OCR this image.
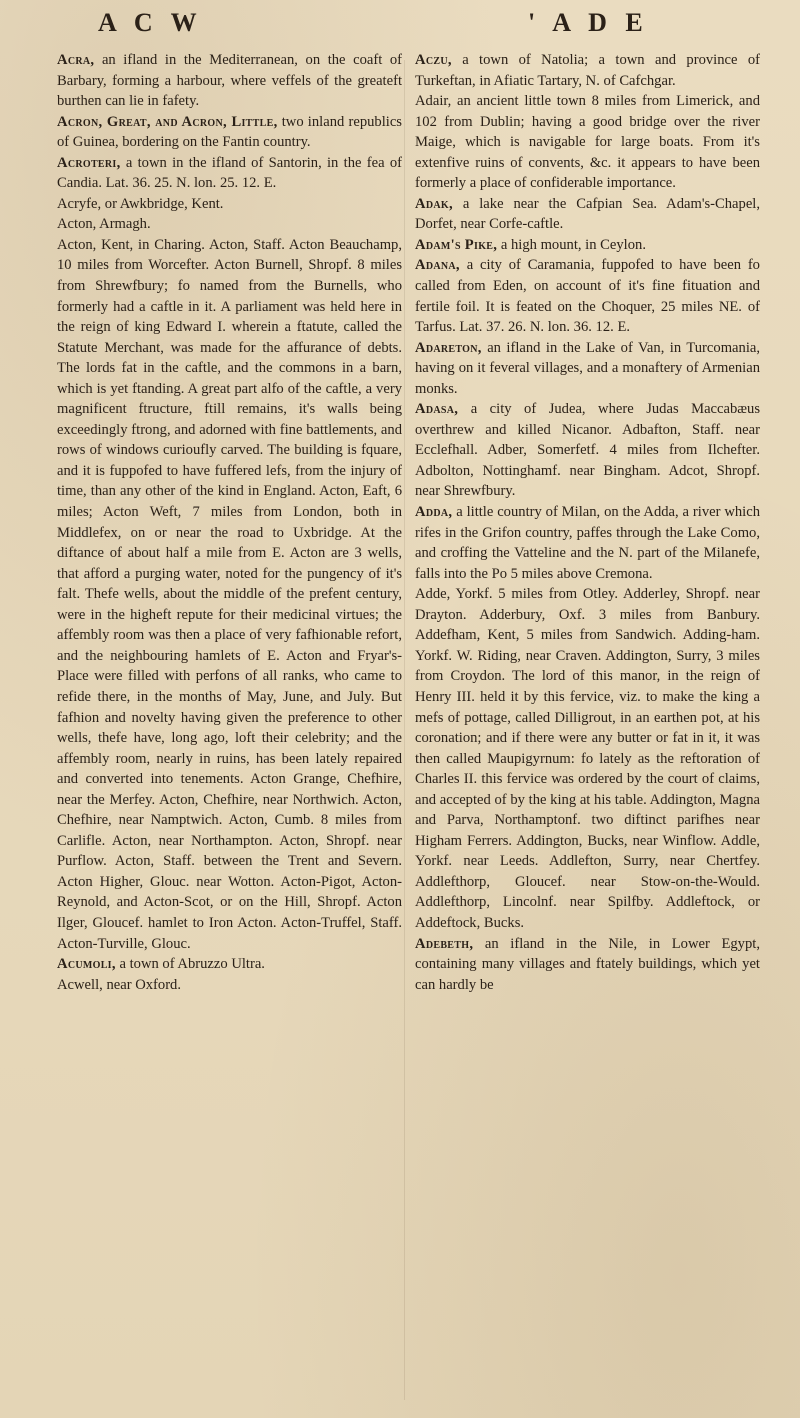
A C W	' A D E

Acra, an ifland in the Mediterranean, on the coaft of Barbary, forming a harbour, where veffels of the greateft burthen can lie in fafety.

Acron, Great, and Acron, Little, two inland republics of Guinea, bordering on the Fantin country.

Acroteri, a town in the ifland of Santorin, in the fea of Candia. Lat. 36. 25. N. lon. 25. 12. E.

Acryfe, or Awkbridge, Kent.

Acton, Armagh.

Acton, Kent, in Charing. Acton, Staff. Acton Beauchamp, 10 miles from Worcefter. Acton Burnell, Shropf. 8 miles from Shrewfbury; fo named from the Burnells, who formerly had a caftle in it. A parliament was held here in the reign of king Edward I. wherein a ftatute, called the Statute Merchant, was made for the affurance of debts. The lords fat in the caftle, and the commons in a barn, which is yet ftanding. A great part alfo of the caftle, a very magnificent ftructure, ftill remains, it's walls being exceedingly ftrong, and adorned with fine battlements, and rows of windows curioufly carved. The building is fquare, and it is fuppofed to have fuffered lefs, from the injury of time, than any other of the kind in England. Acton, Eaft, 6 miles; Acton Weft, 7 miles from London, both in Middlefex, on or near the road to Uxbridge. At the diftance of about half a mile from E. Acton are 3 wells, that afford a purging water, noted for the pungency of it's falt. Thefe wells, about the middle of the prefent century, were in the higheft repute for their medicinal virtues; the affembly room was then a place of very fafhionable refort, and the neighbouring hamlets of E. Acton and Fryar's-Place were filled with perfons of all ranks, who came to refide there, in the months of May, June, and July. But fafhion and novelty having given the preference to other wells, thefe have, long ago, loft their celebrity; and the affembly room, nearly in ruins, has been lately repaired and converted into tenements. Acton Grange, Chefhire, near the Merfey. Acton, Chefhire, near Northwich. Acton, Chefhire, near Namptwich. Acton, Cumb. 8 miles from Carlifle. Acton, near Northampton. Acton, Shropf. near Purflow. Acton, Staff. between the Trent and Severn. Acton Higher, Glouc. near Wotton. Acton-Pigot, Acton-Reynold, and Acton-Scot, or on the Hill, Shropf. Acton Ilger, Gloucef. hamlet to Iron Acton. Acton-Truffel, Staff. Acton-Turville, Glouc.

Acumoli, a town of Abruzzo Ultra.

Acwell, near Oxford.

Aczu, a town of Natolia; a town and province of Turkeftan, in Afiatic Tartary, N. of Cafchgar.

Adair, an ancient little town 8 miles from Limerick, and 102 from Dublin; having a good bridge over the river Maige, which is navigable for large boats. From it's extenfive ruins of convents, &c. it appears to have been formerly a place of confiderable importance.

Adak, a lake near the Cafpian Sea. Adam's-Chapel, Dorfet, near Corfe-caftle.

Adam's Pike, a high mount, in Ceylon.

Adana, a city of Caramania, fuppofed to have been fo called from Eden, on account of it's fine fituation and fertile foil. It is feated on the Choquer, 25 miles NE. of Tarfus. Lat. 37. 26. N. lon. 36. 12. E.

Adareton, an ifland in the Lake of Van, in Turcomania, having on it feveral villages, and a monaftery of Armenian monks.

Adasa, a city of Judea, where Judas Maccabæus overthrew and killed Nicanor. Adbafton, Staff. near Ecclefhall. Adber, Somerfetf. 4 miles from Ilchefter. Adbolton, Nottinghamf. near Bingham. Adcot, Shropf. near Shrewfbury.

Adda, a little country of Milan, on the Adda, a river which rifes in the Grifon country, paffes through the Lake Como, and croffing the Vatteline and the N. part of the Milanefe, falls into the Po 5 miles above Cremona.

Adde, Yorkf. 5 miles from Otley. Adderley, Shropf. near Drayton. Adderbury, Oxf. 3 miles from Banbury. Addefham, Kent, 5 miles from Sandwich. Adding-ham. Yorkf. W. Riding, near Craven. Addington, Surry, 3 miles from Croydon. The lord of this manor, in the reign of Henry III. held it by this fervice, viz. to make the king a mefs of pottage, called Dilligrout, in an earthen pot, at his coronation; and if there were any butter or fat in it, it was then called Maupigyrnum: fo lately as the reftoration of Charles II. this fervice was ordered by the court of claims, and accepted of by the king at his table. Addington, Magna and Parva, Northamptonf. two diftinct parifhes near Higham Ferrers. Addington, Bucks, near Winflow. Addle, Yorkf. near Leeds. Addlefton, Surry, near Chertfey. Addlefthorp, Gloucef. near Stow-on-the-Would. Addlefthorp, Lincolnf. near Spilfby. Addleftock, or Addeftock, Bucks.

Adebeth, an ifland in the Nile, in Lower Egypt, containing many villages and ftately buildings, which yet can hardly be
